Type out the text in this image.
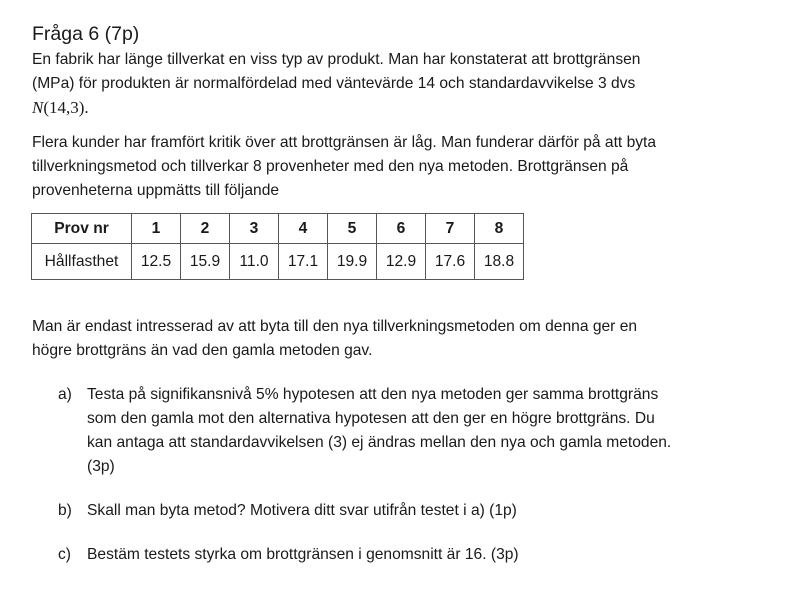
Fråga 6 (7p)
En fabrik har länge tillverkat en viss typ av produkt. Man har konstaterat att brottgränsen
(MPa) för produkten är normalfördelad med väntevärde 14 och standardavvikelse 3 dvs
N(14,3).
Flera kunder har framfört kritik över att brottgränsen är låg. Man funderar därför på att byta
tillverkningsmetod och tillverkar 8 provenheter med den nya metoden. Brottgränsen på
provenheterna uppmätts till följande
Prov nr	1	2	3	4	5	6	7	8
Hållfasthet	12.5	15.9	11.0	17.1	19.9	12.9	17.6	18.8
Man är endast intresserad av att byta till den nya tillverkningsmetoden om denna ger en
högre brottgräns än vad den gamla metoden gav.
a) Testa på signifikansnivå 5% hypotesen att den nya metoden ger samma brottgräns
som den gamla mot den alternativa hypotesen att den ger en högre brottgräns. Du
kan antaga att standardavvikelsen (3) ej ändras mellan den nya och gamla metoden.
(3p)
b) Skall man byta metod? Motivera ditt svar utifrån testet i a) (1p)
c) Bestäm testets styrka om brottgränsen i genomsnitt är 16. (3p)
